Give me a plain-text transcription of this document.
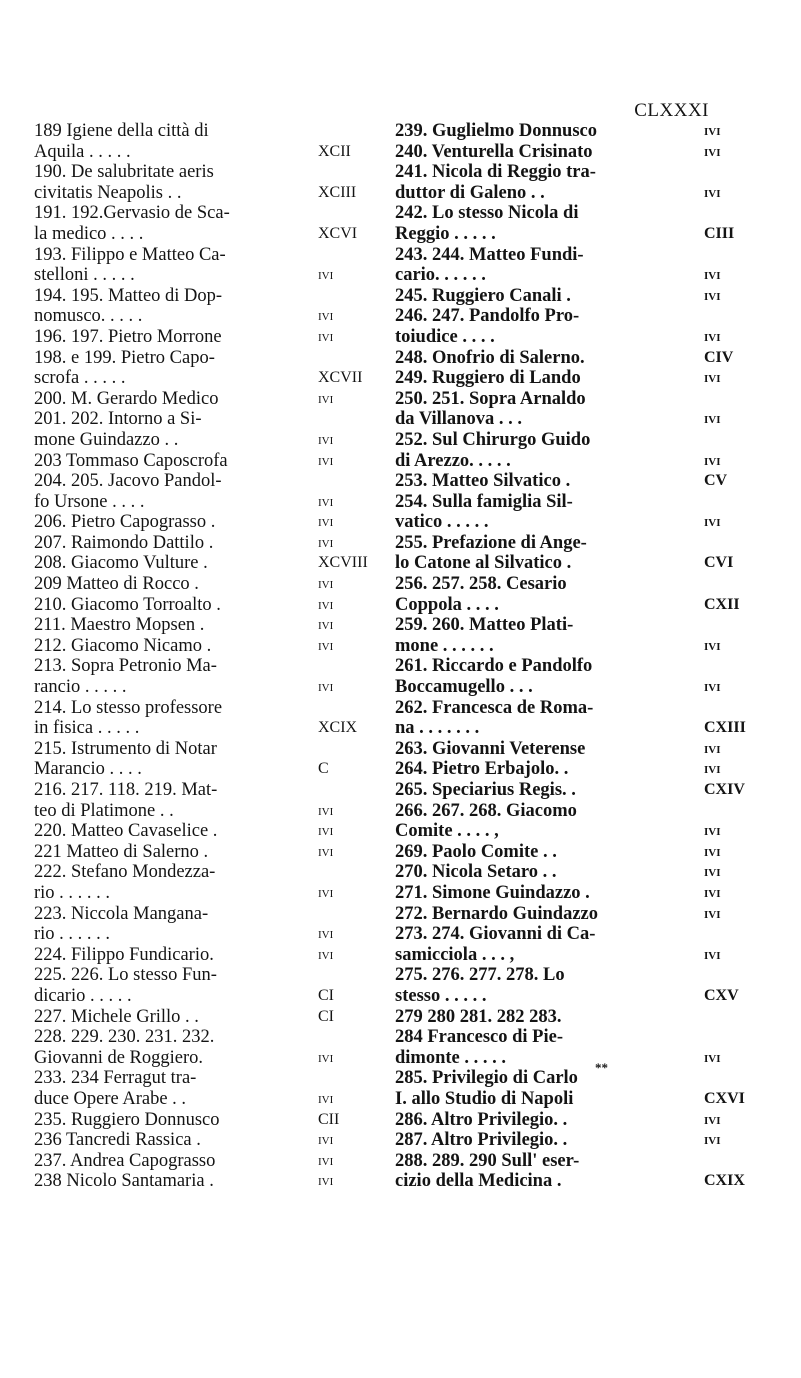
CLXXXI
189 Igiene della città di
Aquila . . . . .	XCII
190. De salubritate aeris
civitatis Neapolis . .	XCIII
191. 192.Gervasio de Sca-
la medico . . . .	XCVI
193. Filippo e Matteo Ca-
stelloni . . . . .	ivi
194. 195. Matteo di Dop-
nomusco. . . . .	ivi
196. 197. Pietro Morrone	ivi
198. e 199. Pietro Capo-
scrofa . . . . .	XCVII
200. M. Gerardo Medico	ivi
201. 202. Intorno a Si-
mone Guindazzo . .	ivi
203 Tommaso Caposcrofa	ivi
204. 205. Jacovo Pandol-
fo Ursone . . . .	ivi
206. Pietro Capograsso .	ivi
207. Raimondo Dattilo .	ivi
208. Giacomo Vulture .	XCVIII
209 Matteo di Rocco .	ivi
210. Giacomo Torroalto .	ivi
211. Maestro Mopsen .	ivi
212. Giacomo Nicamo .	ivi
213. Sopra Petronio Ma-
rancio . . . . .	ivi
214. Lo stesso professore
in fisica . . . . .	XCIX
215. Istrumento di Notar
Marancio . . . .	C
216. 217. 118. 219. Mat-
teo di Platimone . .	ivi
220. Matteo Cavaselice .	ivi
221 Matteo di Salerno .	ivi
222. Stefano Mondezza-
rio . . . . . .	ivi
223. Niccola Mangana-
rio . . . . . .	ivi
224. Filippo Fundicario.	ivi
225. 226. Lo stesso Fun-
dicario . . . . .	CI
227. Michele Grillo . .	CI
228. 229. 230. 231. 232.
Giovanni de Roggiero.	ivi
233. 234 Ferragut tra-
duce Opere Arabe . .	ivi
235. Ruggiero Donnusco	CII
236 Tancredi Rassica .	ivi
237. Andrea Capograsso	ivi
238 Nicolo Santamaria .	ivi
239. Guglielmo Donnusco	ivi
240. Venturella Crisinato	ivi
241. Nicola di Reggio tra-
duttor di Galeno . .	ivi
242. Lo stesso Nicola di
Reggio . . . . .	CIII
243. 244. Matteo Fundi-
cario. . . . . .	ivi
245. Ruggiero Canali .	ivi
246. 247. Pandolfo Pro-
toiudice . . . .	ivi
248. Onofrio di Salerno.	CIV
249. Ruggiero di Lando	ivi
250. 251. Sopra Arnaldo
da Villanova . . .	ivi
252. Sul Chirurgo Guido
di Arezzo. . . . .	ivi
253. Matteo Silvatico .	CV
254. Sulla famiglia Sil-
vatico . . . . .	ivi
255. Prefazione di Ange-
lo Catone al Silvatico .	CVI
256. 257. 258. Cesario
Coppola . . . .	CXII
259. 260. Matteo Plati-
mone . . . . . .	ivi
261. Riccardo e Pandolfo
Boccamugello . . .	ivi
262. Francesca de Roma-
na . . . . . . .	CXIII
263. Giovanni Veterense	ivi
264. Pietro Erbajolo. .	ivi
265. Speciarius Regis. .	CXIV
266. 267. 268. Giacomo
Comite . . . . ,	ivi
269. Paolo Comite . .	ivi
270. Nicola Setaro . .	ivi
271. Simone Guindazzo .	ivi
272. Bernardo Guindazzo	ivi
273. 274. Giovanni di Ca-
samicciola . . . ,	ivi
275. 276. 277. 278. Lo
stesso . . . . .	CXV
279 280 281. 282 283.
284 Francesco di Pie-
dimonte . . . . .	ivi
285. Privilegio di Carlo
I. allo Studio di Napoli	CXVI
286. Altro Privilegio. .	ivi
287. Altro Privilegio. .	ivi
288. 289. 290 Sull' eser-
cizio della Medicina .	CXIX
**
